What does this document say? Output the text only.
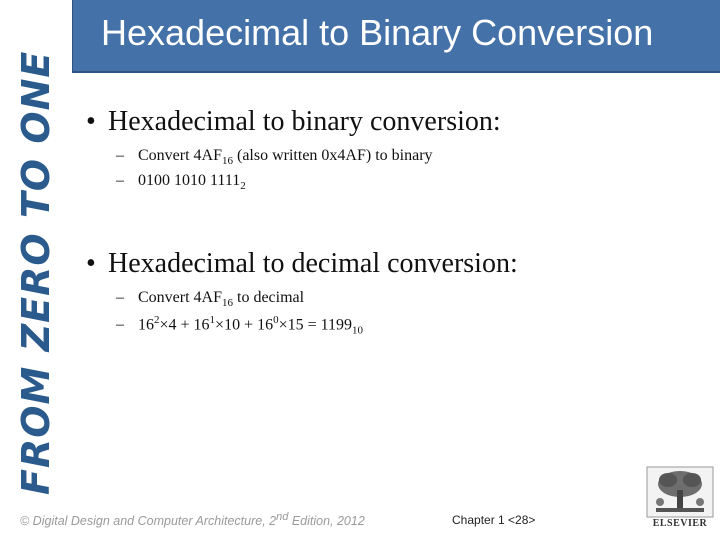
FROM ZERO TO ONE
Hexadecimal to Binary Conversion
• Hexadecimal to binary conversion:
– Convert $4AF_{16}$ (also written 0x4AF) to binary
– 0100 1010 $1111_2$
• Hexadecimal to decimal conversion:
– Convert $4AF_{16}$ to decimal
– $16^2\times 4 + 16^1\times 10 + 16^0\times 15 = 1199_{10}$
© Digital Design and Computer Architecture, 2nd Edition, 2012	Chapter 1 <28>	ELSEVIER
